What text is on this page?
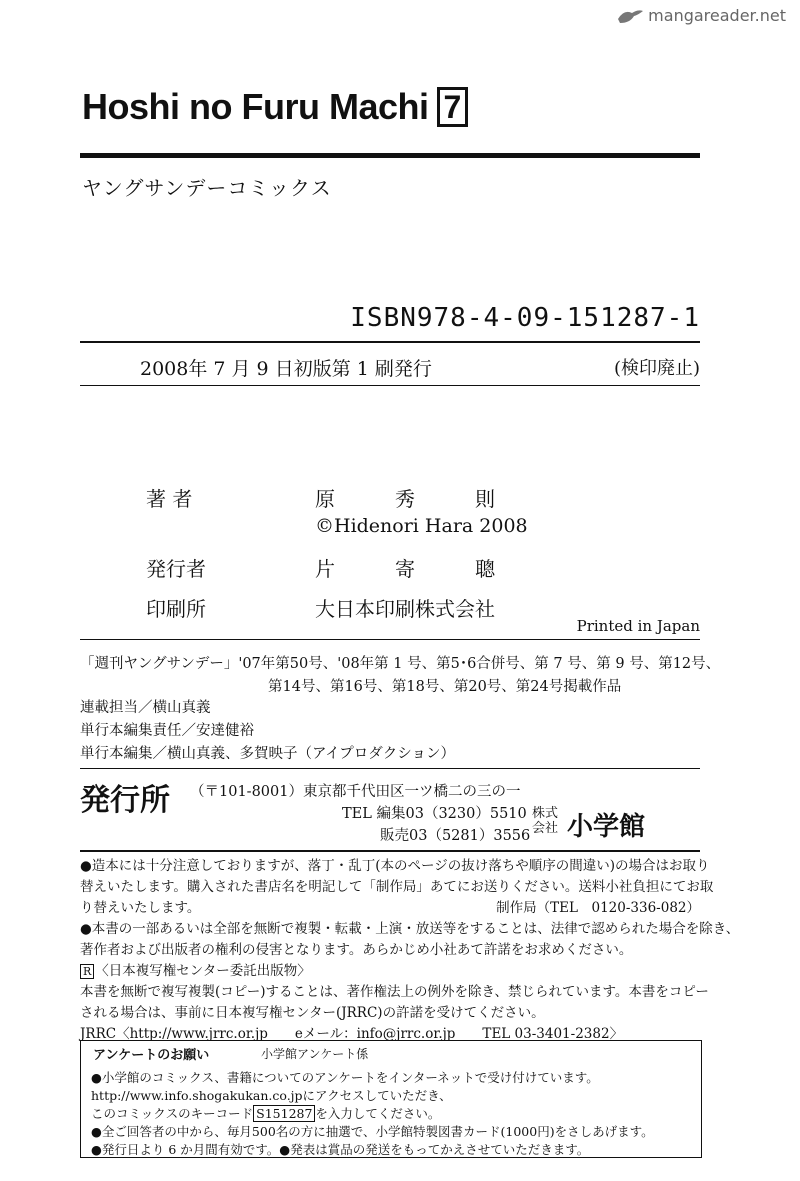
mangareader.net
Hoshi no Furu Machi 7
ヤングサンデーコミックス
ISBN978-4-09-151287-1
2008年 7 月 9 日初版第 1 刷発行	(検印廃止)
著 者	原　　　秀　　　則
©Hidenori Hara 2008
発行者	片　　　寄　　　聰
印刷所	大日本印刷株式会社
Printed in Japan
「週刊ヤングサンデー」'07年第50号、'08年第 1 号、第5･6合併号、第 7 号、第 9 号、第12号、
第14号、第16号、第18号、第20号、第24号掲載作品
連載担当／横山真義
単行本編集責任／安達健裕
単行本編集／横山真義、多賀映子（アイプロダクション）
発行所 （〒101-8001）東京都千代田区一ツ橋二の三の一
TEL 編集03（3230）5510
販売03（5281）3556
株式
会社 小学館
●造本には十分注意しておりますが、落丁・乱丁(本のページの抜け落ちや順序の間違い)の場合はお取り
替えいたします。購入された書店名を明記して「制作局」あてにお送りください。送料小社負担にてお取
り替えいたします。	制作局（TEL　0120-336-082）
●本書の一部あるいは全部を無断で複製・転載・上演・放送等をすることは、法律で認められた場合を除き、
著作者および出版者の権利の侵害となります。あらかじめ小社あて許諾をお求めください。
R 〈日本複写権センター委託出版物〉
本書を無断で複写複製(コピー)することは、著作権法上の例外を除き、禁じられています。本書をコピー
される場合は、事前に日本複写権センター(JRRC)の許諾を受けてください。
JRRC〈http://www.jrrc.or.jp　　eメール：info@jrrc.or.jp　　TEL 03-3401-2382〉
アンケートのお願い	小学館アンケート係
●小学館のコミックス、書籍についてのアンケートをインターネットで受け付けています。
http://www.info.shogakukan.co.jpにアクセスしていただき、
このコミックスのキーコード S151287 を入力してください。
●全ご回答者の中から、毎月500名の方に抽選で、小学館特製図書カード(1000円)をさしあげます。
●発行日より 6 か月間有効です。●発表は賞品の発送をもってかえさせていただきます。
